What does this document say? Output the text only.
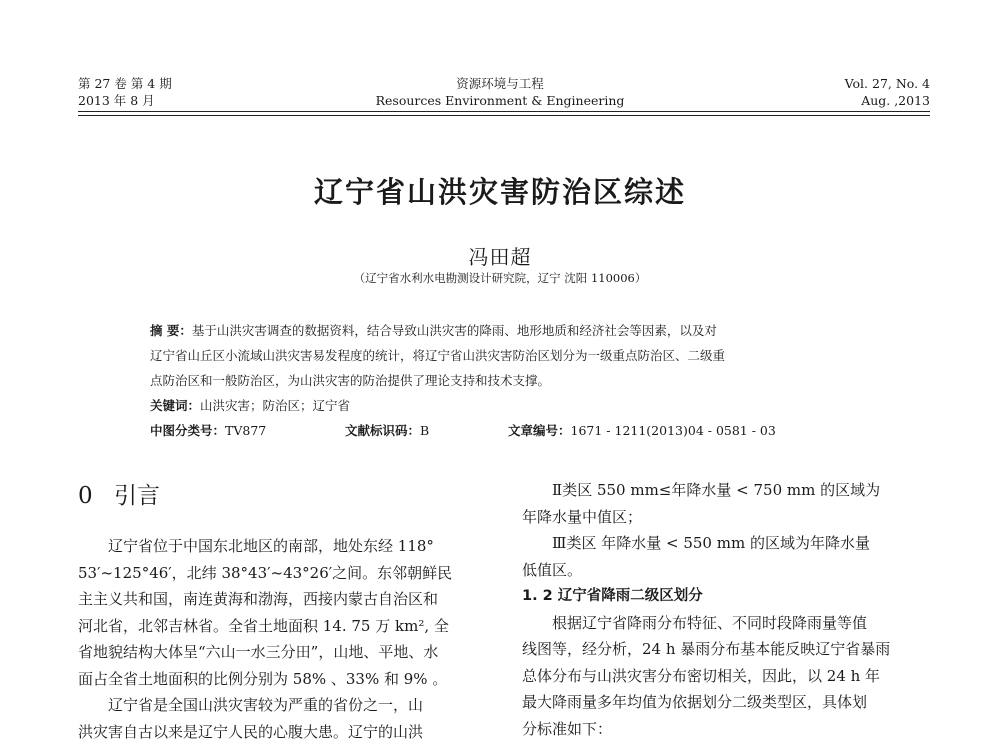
第 27 卷 第 4 期
2013 年 8 月
资源环境与工程
Resources Environment & Engineering
Vol. 27, No. 4
Aug. ,2013
辽宁省山洪灾害防治区综述
冯田超
（辽宁省水利水电勘测设计研究院，辽宁 沈阳 110006）
摘 要：基于山洪灾害调查的数据资料，结合导致山洪灾害的降雨、地形地质和经济社会等因素，以及对
辽宁省山丘区小流域山洪灾害易发程度的统计，将辽宁省山洪灾害防治区划分为一级重点防治区、二级重
点防治区和一般防治区，为山洪灾害的防治提供了理论支持和技术支撑。
关键词：山洪灾害；防治区；辽宁省
中图分类号：TV877	文献标识码：B	文章编号：1671 - 1211(2013)04 - 0581 - 03
0 引言
辽宁省位于中国东北地区的南部，地处东经 118°
53′~125°46′，北纬 38°43′~43°26′之间。东邻朝鲜民
主主义共和国，南连黄海和渤海，西接内蒙古自治区和
河北省，北邻吉林省。全省土地面积 14. 75 万 km², 全
省地貌结构大体呈“六山一水三分田”，山地、平地、水
面占全省土地面积的比例分别为 58% 、33% 和 9% 。
辽宁省是全国山洪灾害较为严重的省份之一，山
洪灾害自古以来是辽宁人民的心腹大患。辽宁的山洪
Ⅱ类区 550 mm≤年降水量 < 750 mm 的区域为
年降水量中值区；
Ⅲ类区 年降水量 < 550 mm 的区域为年降水量
低值区。
1. 2 辽宁省降雨二级区划分
根据辽宁省降雨分布特征、不同时段降雨量等值
线图等，经分析，24 h 暴雨分布基本能反映辽宁省暴雨
总体分布与山洪灾害分布密切相关，因此，以 24 h 年
最大降雨量多年均值为依据划分二级类型区，具体划
分标准如下：
